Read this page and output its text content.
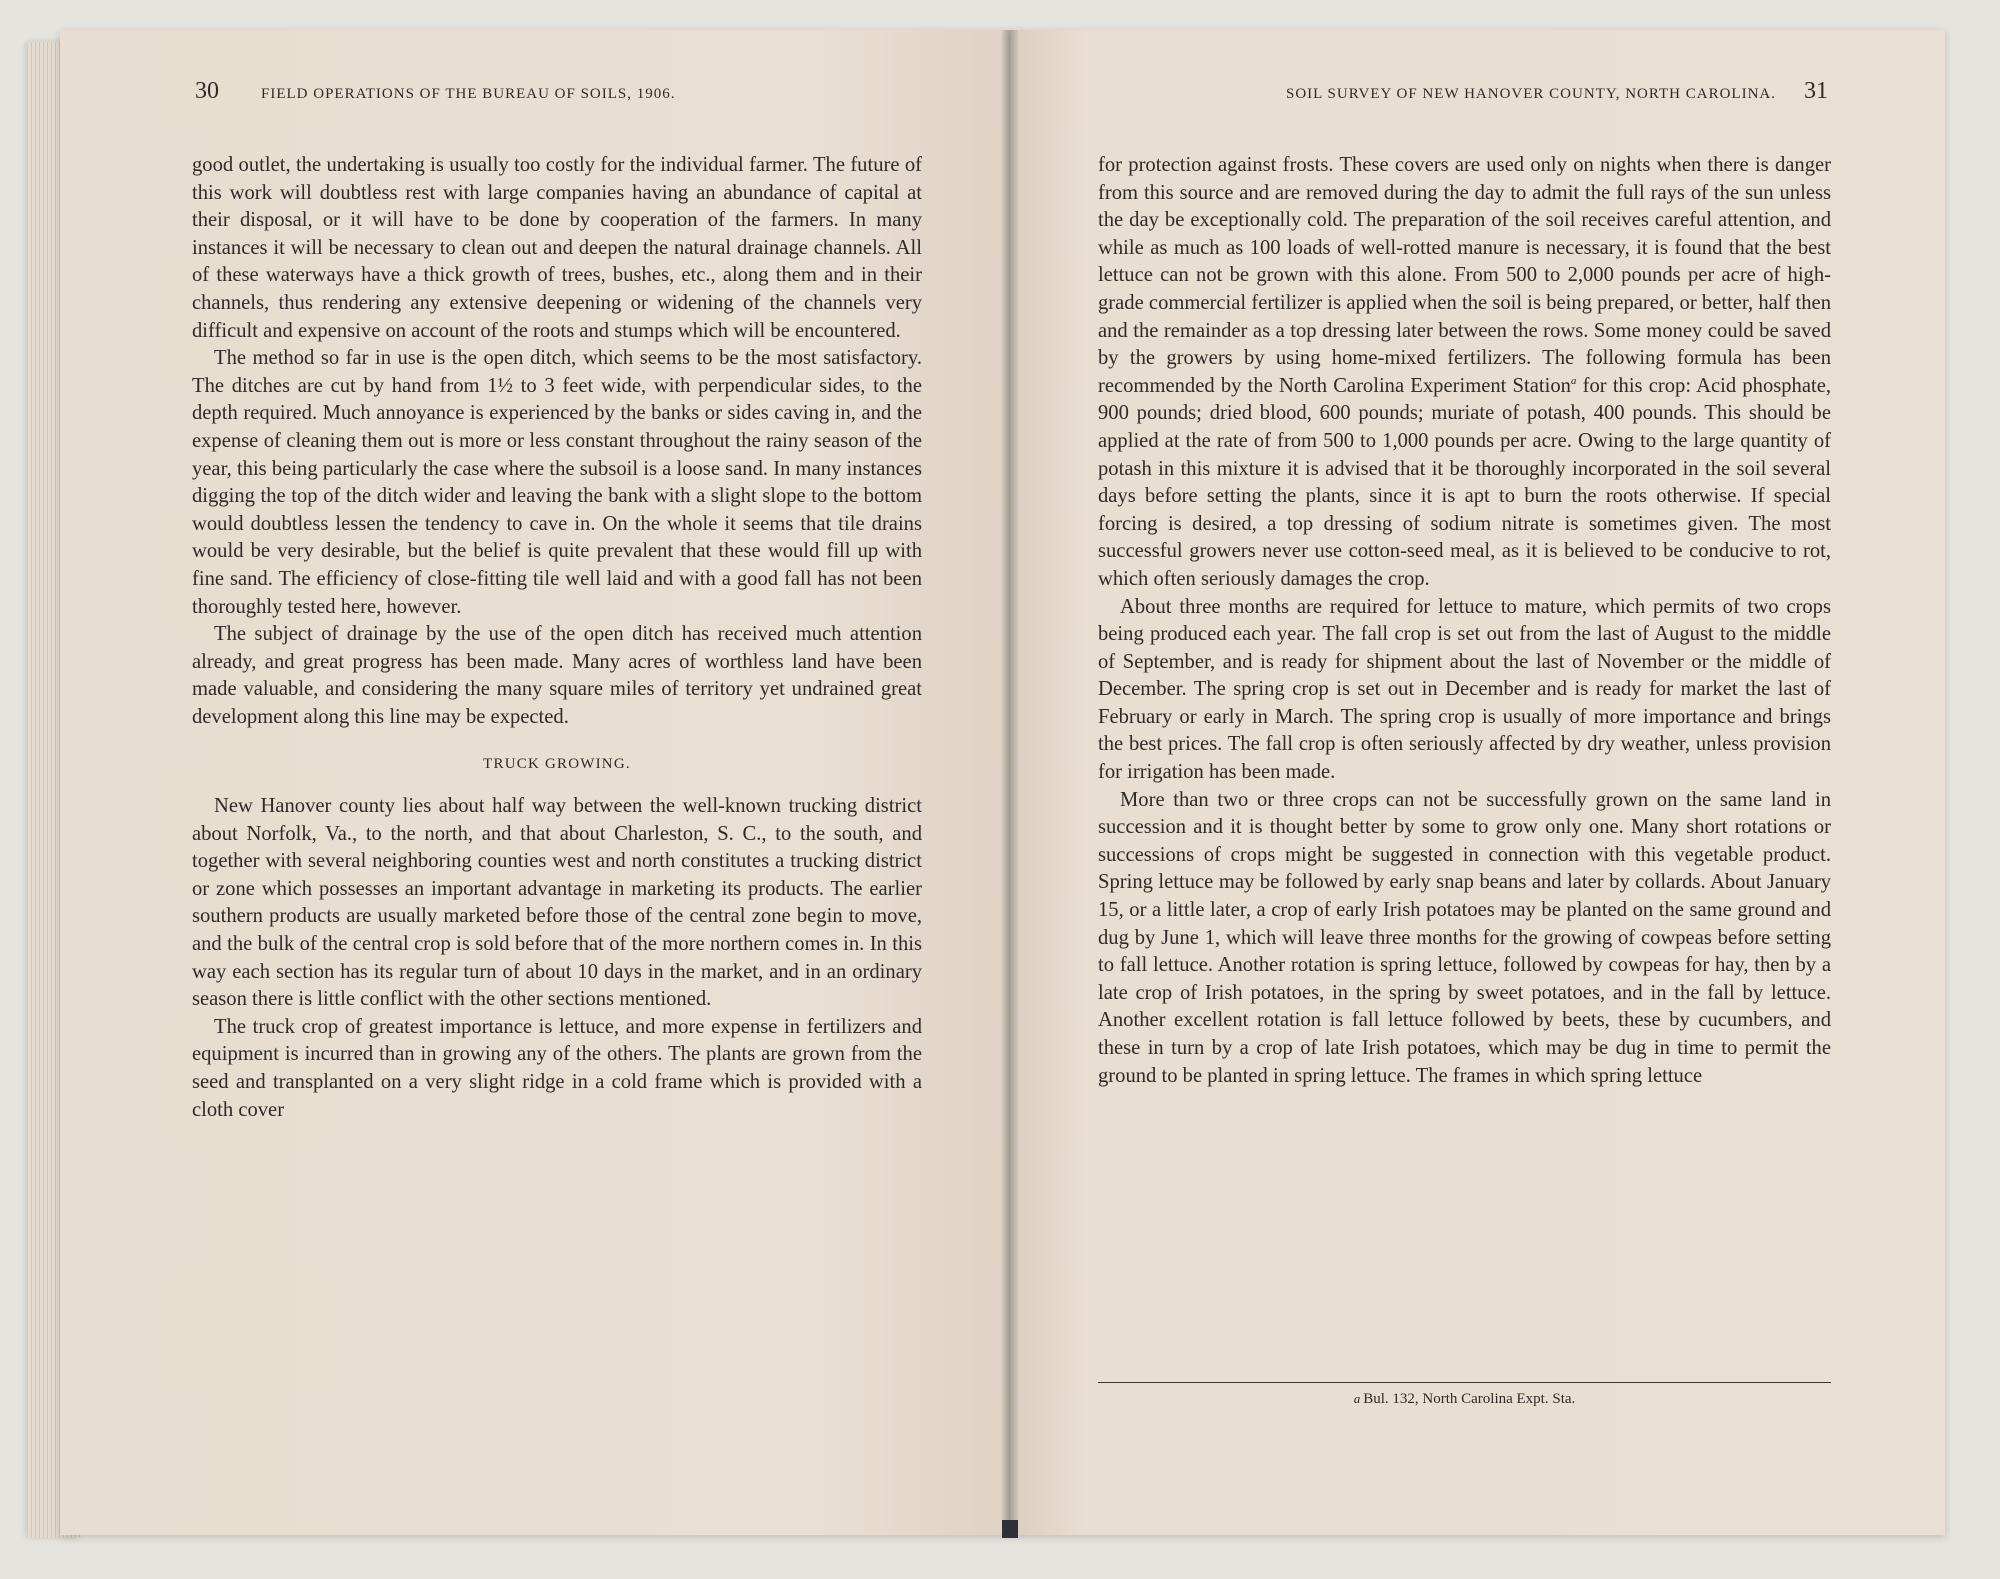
30	FIELD OPERATIONS OF THE BUREAU OF SOILS, 1906.	SOIL SURVEY OF NEW HANOVER COUNTY, NORTH CAROLINA. 31

good outlet, the undertaking is usually too costly for the individual farmer. The future of this work will doubtless rest with large companies having an abundance of capital at their disposal, or it will have to be done by cooperation of the farmers. In many instances it will be necessary to clean out and deepen the natural drainage channels. All of these waterways have a thick growth of trees, bushes, etc., along them and in their channels, thus rendering any extensive deepening or widening of the channels very difficult and expensive on account of the roots and stumps which will be encountered.

The method so far in use is the open ditch, which seems to be the most satisfactory. The ditches are cut by hand from 1½ to 3 feet wide, with perpendicular sides, to the depth required. Much annoyance is experienced by the banks or sides caving in, and the expense of cleaning them out is more or less constant throughout the rainy season of the year, this being particularly the case where the subsoil is a loose sand. In many instances digging the top of the ditch wider and leaving the bank with a slight slope to the bottom would doubtless lessen the tendency to cave in. On the whole it seems that tile drains would be very desirable, but the belief is quite prevalent that these would fill up with fine sand. The efficiency of close-fitting tile well laid and with a good fall has not been thoroughly tested here, however.

The subject of drainage by the use of the open ditch has received much attention already, and great progress has been made. Many acres of worthless land have been made valuable, and considering the many square miles of territory yet undrained great development along this line may be expected.

TRUCK GROWING.

New Hanover county lies about half way between the well-known trucking district about Norfolk, Va., to the north, and that about Charleston, S. C., to the south, and together with several neighboring counties west and north constitutes a trucking district or zone which possesses an important advantage in marketing its products. The earlier southern products are usually marketed before those of the central zone begin to move, and the bulk of the central crop is sold before that of the more northern comes in. In this way each section has its regular turn of about 10 days in the market, and in an ordinary season there is little conflict with the other sections mentioned.

The truck crop of greatest importance is lettuce, and more expense in fertilizers and equipment is incurred than in growing any of the others. The plants are grown from the seed and transplanted on a very slight ridge in a cold frame which is provided with a cloth cover

for protection against frosts. These covers are used only on nights when there is danger from this source and are removed during the day to admit the full rays of the sun unless the day be exceptionally cold. The preparation of the soil receives careful attention, and while as much as 100 loads of well-rotted manure is necessary, it is found that the best lettuce can not be grown with this alone. From 500 to 2,000 pounds per acre of high-grade commercial fertilizer is applied when the soil is being prepared, or better, half then and the remainder as a top dressing later between the rows. Some money could be saved by the growers by using home-mixed fertilizers. The following formula has been recommended by the North Carolina Experiment Station$^a$ for this crop: Acid phosphate, 900 pounds; dried blood, 600 pounds; muriate of potash, 400 pounds. This should be applied at the rate of from 500 to 1,000 pounds per acre. Owing to the large quantity of potash in this mixture it is advised that it be thoroughly incorporated in the soil several days before setting the plants, since it is apt to burn the roots otherwise. If special forcing is desired, a top dressing of sodium nitrate is sometimes given. The most successful growers never use cotton-seed meal, as it is believed to be conducive to rot, which often seriously damages the crop.

About three months are required for lettuce to mature, which permits of two crops being produced each year. The fall crop is set out from the last of August to the middle of September, and is ready for shipment about the last of November or the middle of December. The spring crop is set out in December and is ready for market the last of February or early in March. The spring crop is usually of more importance and brings the best prices. The fall crop is often seriously affected by dry weather, unless provision for irrigation has been made.

More than two or three crops can not be successfully grown on the same land in succession and it is thought better by some to grow only one. Many short rotations or successions of crops might be suggested in connection with this vegetable product. Spring lettuce may be followed by early snap beans and later by collards. About January 15, or a little later, a crop of early Irish potatoes may be planted on the same ground and dug by June 1, which will leave three months for the growing of cowpeas before setting to fall lettuce. Another rotation is spring lettuce, followed by cowpeas for hay, then by a late crop of Irish potatoes, in the spring by sweet potatoes, and in the fall by lettuce. Another excellent rotation is fall lettuce followed by beets, these by cucumbers, and these in turn by a crop of late Irish potatoes, which may be dug in time to permit the ground to be planted in spring lettuce. The frames in which spring lettuce

a Bul. 132, North Carolina Expt. Sta.
